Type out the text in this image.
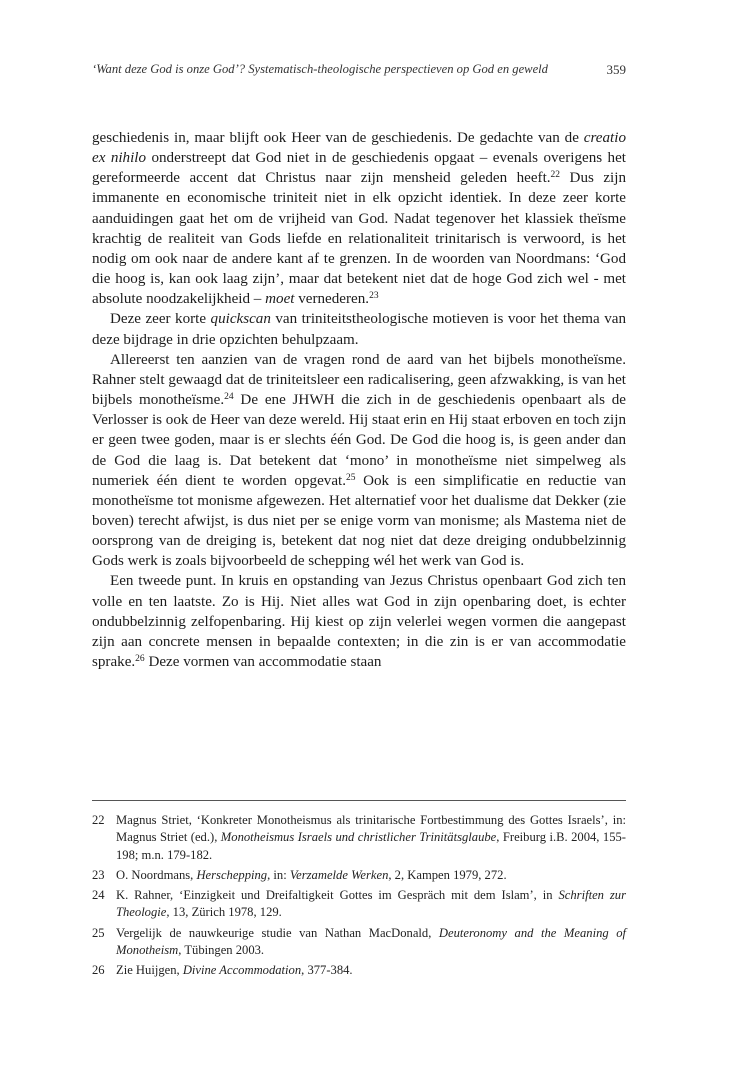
‘Want deze God is onze God’? Systematisch-theologische perspectieven op God en geweld	359

geschiedenis in, maar blijft ook Heer van de geschiedenis. De gedachte van de creatio ex nihilo onderstreept dat God niet in de geschiedenis opgaat – evenals overigens het gereformeerde accent dat Christus naar zijn mensheid geleden heeft.$^{22}$ Dus zijn immanente en economische triniteit niet in elk opzicht identiek. In deze zeer korte aanduidingen gaat het om de vrijheid van God. Nadat tegenover het klassiek theïsme krachtig de realiteit van Gods liefde en relationaliteit trinitarisch is verwoord, is het nodig om ook naar de andere kant af te grenzen. In de woorden van Noordmans: ‘God die hoog is, kan ook laag zijn’, maar dat betekent niet dat de hoge God zich wel - met absolute noodzakelijkheid – moet vernederen.$^{23}$

Deze zeer korte quickscan van triniteitstheologische motieven is voor het thema van deze bijdrage in drie opzichten behulpzaam.

Allereerst ten aanzien van de vragen rond de aard van het bijbels monotheïsme. Rahner stelt gewaagd dat de triniteitsleer een radicalisering, geen afzwakking, is van het bijbels monotheïsme.$^{24}$ De ene JHWH die zich in de geschiedenis openbaart als de Verlosser is ook de Heer van deze wereld. Hij staat erin en Hij staat erboven en toch zijn er geen twee goden, maar is er slechts één God. De God die hoog is, is geen ander dan de God die laag is. Dat betekent dat ‘mono’ in monotheïsme niet simpelweg als numeriek één dient te worden opgevat.$^{25}$ Ook is een simplificatie en reductie van monotheïsme tot monisme afgewezen. Het alternatief voor het dualisme dat Dekker (zie boven) terecht afwijst, is dus niet per se enige vorm van monisme; als Mastema niet de oorsprong van de dreiging is, betekent dat nog niet dat deze dreiging ondubbelzinnig Gods werk is zoals bijvoorbeeld de schepping wél het werk van God is.

Een tweede punt. In kruis en opstanding van Jezus Christus openbaart God zich ten volle en ten laatste. Zo is Hij. Niet alles wat God in zijn openbaring doet, is echter ondubbelzinnig zelfopenbaring. Hij kiest op zijn velerlei wegen vormen die aangepast zijn aan concrete mensen in bepaalde contexten; in die zin is er van accommodatie sprake.$^{26}$ Deze vormen van accommodatie staan

22 Magnus Striet, ‘Konkreter Monotheismus als trinitarische Fortbestimmung des Gottes Israels’, in: Magnus Striet (ed.), Monotheismus Israels und christlicher Trinitätsglaube, Freiburg i.B. 2004, 155-198; m.n. 179-182.
23 O. Noordmans, Herschepping, in: Verzamelde Werken, 2, Kampen 1979, 272.
24 K. Rahner, ‘Einzigkeit und Dreifaltigkeit Gottes im Gespräch mit dem Islam’, in Schriften zur Theologie, 13, Zürich 1978, 129.
25 Vergelijk de nauwkeurige studie van Nathan MacDonald, Deuteronomy and the Meaning of Monotheism, Tübingen 2003.
26 Zie Huijgen, Divine Accommodation, 377-384.
